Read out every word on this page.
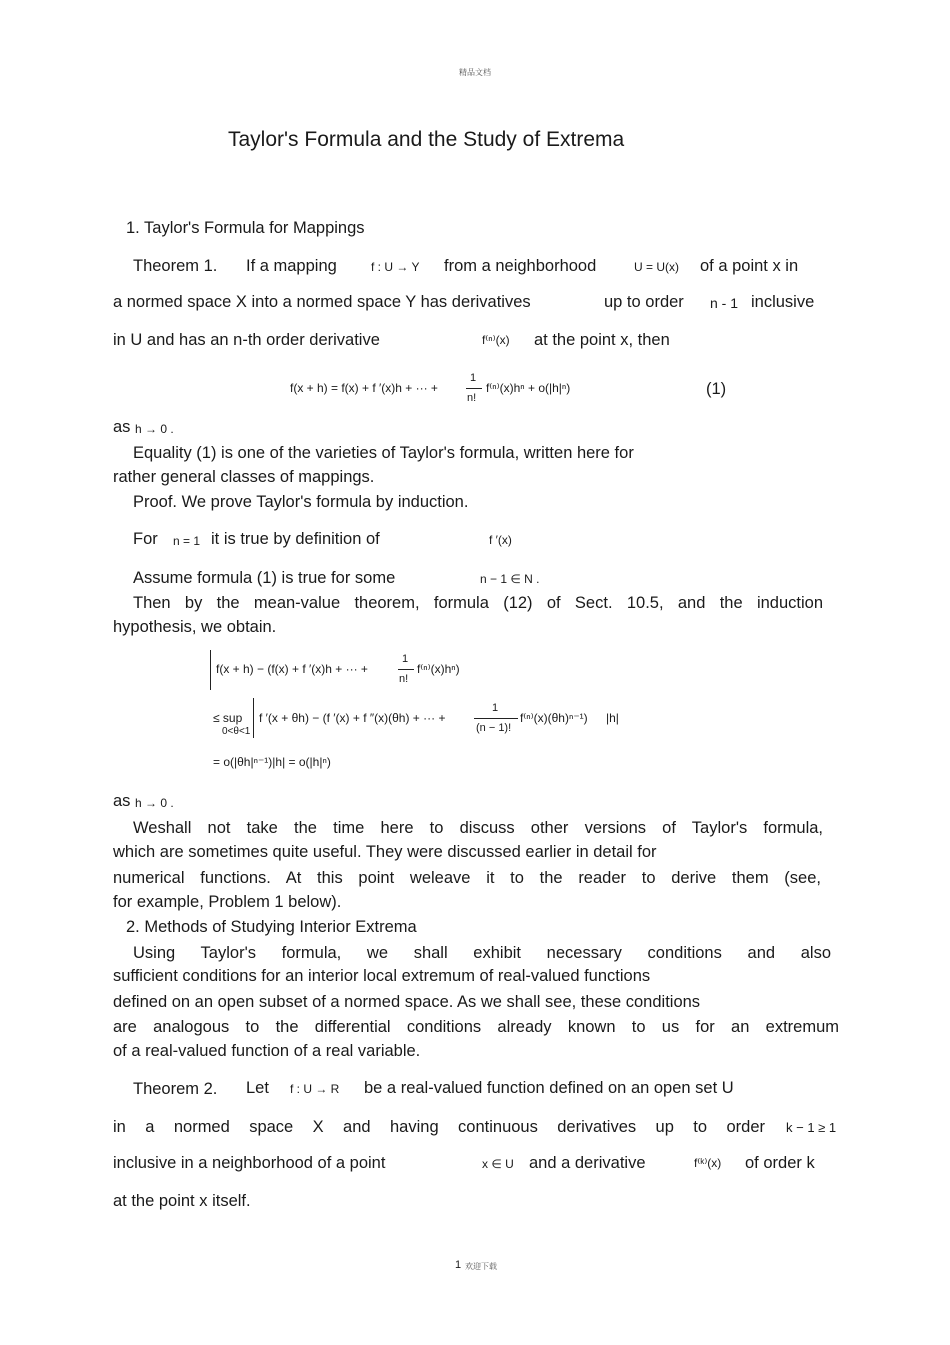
精品文档
Taylor's Formula and the Study of Extrema
1. Taylor's Formula for Mappings
Theorem 1. If a mapping	f : U → Y from a neighborhood	U = U(x) of a point x in
a normed space X into a normed space Y has derivatives	up to order n - 1 inclusive
in U and has an n-th order derivative	f⁽ⁿ⁾(x) at the point x, then
f(x + h) = f(x) + f ′(x)h + ··· +
1
n!
f⁽ⁿ⁾(x)hⁿ + o(|h|ⁿ)	(1)
as h → 0 .
Equality (1) is one of the varieties of Taylor's formula, written here for
rather general classes of mappings.
Proof. We prove Taylor's formula by induction.
For n = 1 it is true by definition of	f ′(x)
Assume formula (1) is true for some	n − 1 ∈ N .
Then by the mean-value theorem, formula (12) of Sect. 10.5, and the induction
hypothesis, we obtain.
f(x + h) − (f(x) + f ′(x)h + ··· +
1
n!
f⁽ⁿ⁾(x)hⁿ)
≤ sup
0<θ<1
f ′(x + θh) − (f ′(x) + f ″(x)(θh) + ··· +
1
(n − 1)!
f⁽ⁿ⁾(x)(θh)ⁿ⁻¹) |h|
= o(|θh|ⁿ⁻¹)|h| = o(|h|ⁿ)
as h → 0 .
Weshall not take the time here to discuss other versions of Taylor's formula,
which are sometimes quite useful. They were discussed earlier in detail for
numerical functions. At this point weleave it to the reader to derive them (see,
for example, Problem 1 below).
2. Methods of Studying Interior Extrema
Using Taylor's formula, we shall exhibit necessary conditions and also
sufficient conditions for an interior local extremum of real-valued functions
defined on an open subset of a normed space. As we shall see, these conditions
are analogous to the differential conditions already known to us for an extremum
of a real-valued function of a real variable.
Theorem 2. Let f : U → R be a real-valued function defined on an open set U
in a normed space X and having continuous derivatives up to order k − 1 ≥ 1
inclusive in a neighborhood of a point	x ∈ U and a derivative	f⁽ᵏ⁾(x) of order k
at the point x itself.
1 欢迎下载
